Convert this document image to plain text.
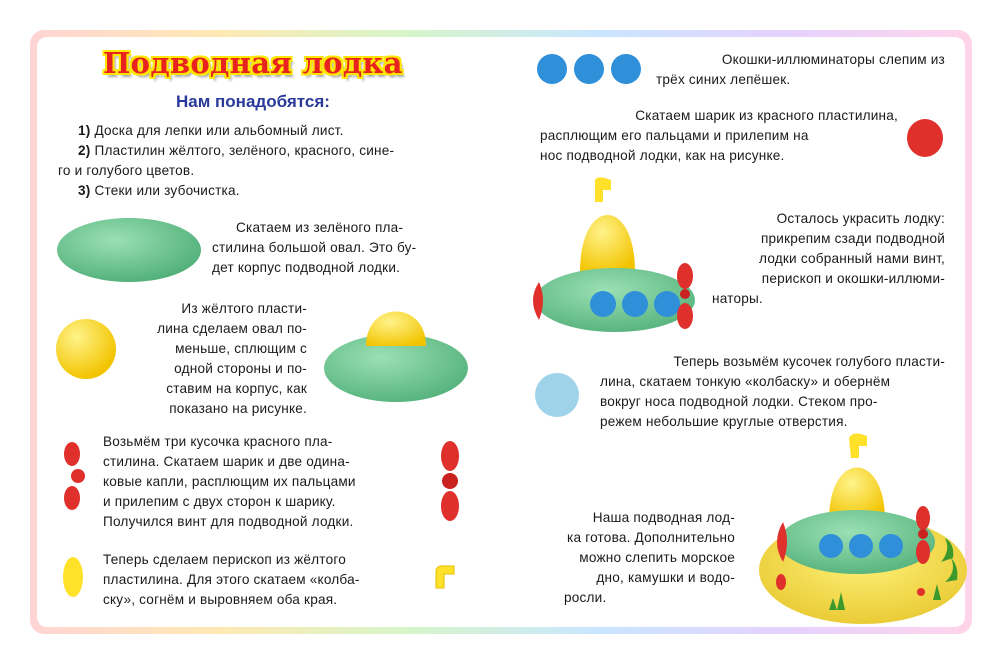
Подводная лодка
Нам понадобятся:
1) Доска для лепки или альбомный лист.
2) Пластилин жёлтого, зелёного, красного, сине-
го и голубого цветов.
3) Стеки или зубочистка.
Скатаем из зелёного пла-
стилина большой овал. Это бу-
дет корпус подводной лодки.
Из жёлтого пласти-
лина сделаем овал по-
меньше, сплющим с
одной стороны и по-
ставим на корпус, как
показано на рисунке.
Возьмём три кусочка красного пла-
стилина. Скатаем шарик и две одина-
ковые капли, расплющим их пальцами
и прилепим с двух сторон к шарику.
Получился винт для подводной лодки.
Теперь сделаем перископ из жёлтого
пластилина. Для этого скатаем «колба-
ску», согнём и выровняем оба края.
Окошки-иллюминаторы слепим из
трёх синих лепёшек.
Скатаем шарик из красного пластилина,
расплющим его пальцами и прилепим на
нос подводной лодки, как на рисунке.
Осталось украсить лодку:
прикрепим сзади подводной
лодки собранный нами винт,
перископ и окошки-иллюми-
наторы.
Теперь возьмём кусочек голубого пласти-
лина, скатаем тонкую «колбаску» и обернём
вокруг носа подводной лодки. Стеком про-
режем небольшие круглые отверстия.
Наша подводная лод-
ка готова. Дополнительно
можно слепить морское
дно, камушки и водо-
росли.
